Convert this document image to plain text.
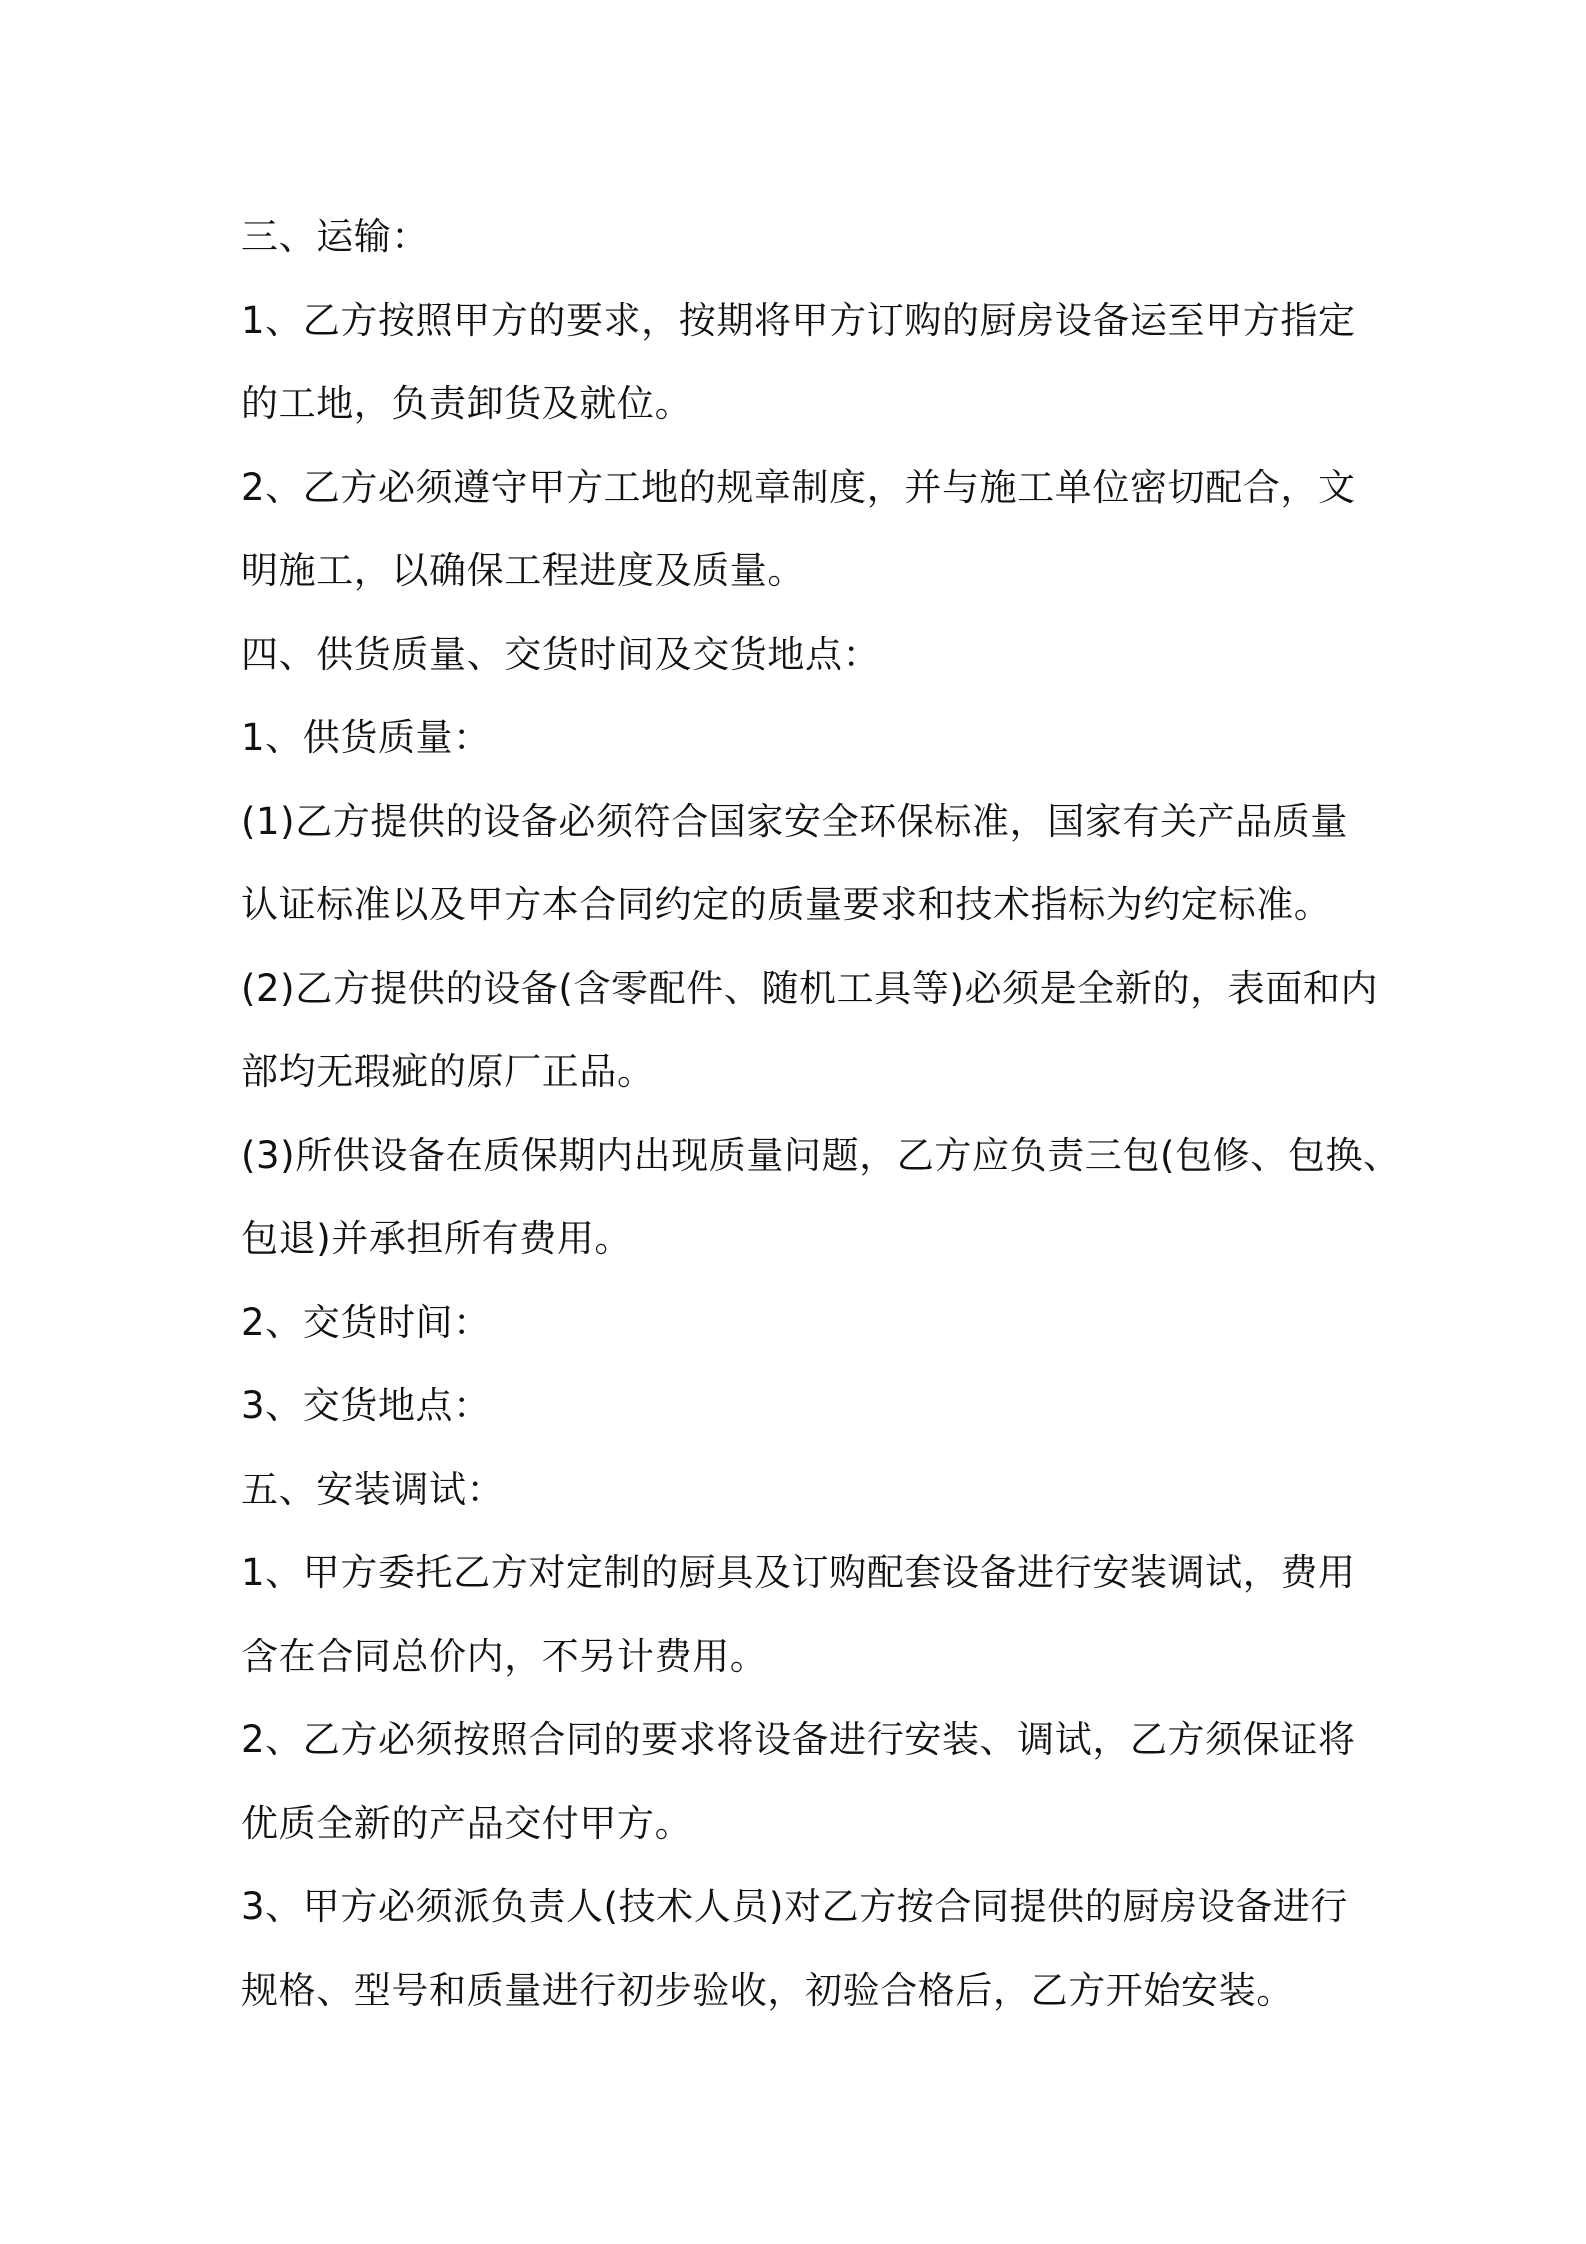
三、运输：
1、乙方按照甲方的要求，按期将甲方订购的厨房设备运至甲方指定
的工地，负责卸货及就位。
2、乙方必须遵守甲方工地的规章制度，并与施工单位密切配合，文
明施工，以确保工程进度及质量。
四、供货质量、交货时间及交货地点：
1、供货质量：
(1)乙方提供的设备必须符合国家安全环保标准，国家有关产品质量
认证标准以及甲方本合同约定的质量要求和技术指标为约定标准。
(2)乙方提供的设备(含零配件、随机工具等)必须是全新的，表面和内
部均无瑕疵的原厂正品。
(3)所供设备在质保期内出现质量问题，乙方应负责三包(包修、包换、
包退)并承担所有费用。
2、交货时间：
3、交货地点：
五、安装调试：
1、甲方委托乙方对定制的厨具及订购配套设备进行安装调试，费用
含在合同总价内，不另计费用。
2、乙方必须按照合同的要求将设备进行安装、调试，乙方须保证将
优质全新的产品交付甲方。
3、甲方必须派负责人(技术人员)对乙方按合同提供的厨房设备进行
规格、型号和质量进行初步验收，初验合格后，乙方开始安装。
